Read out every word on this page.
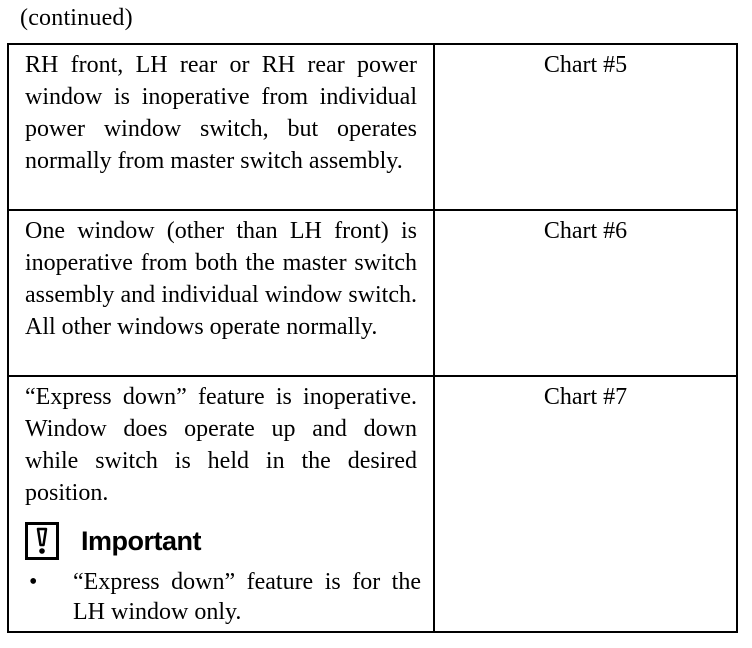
(continued)
RH front, LH rear or RH rear power window is inoperative from individual power window switch, but operates normally from master switch assembly.	Chart #5

One window (other than LH front) is inoperative from both the master switch assembly and individual window switch. All other windows operate normally.	Chart #6

“Express down” feature is inoperative. Window does operate up and down while switch is held in the desired position.
Important
• “Express down” feature is for the LH window only.	Chart #7
